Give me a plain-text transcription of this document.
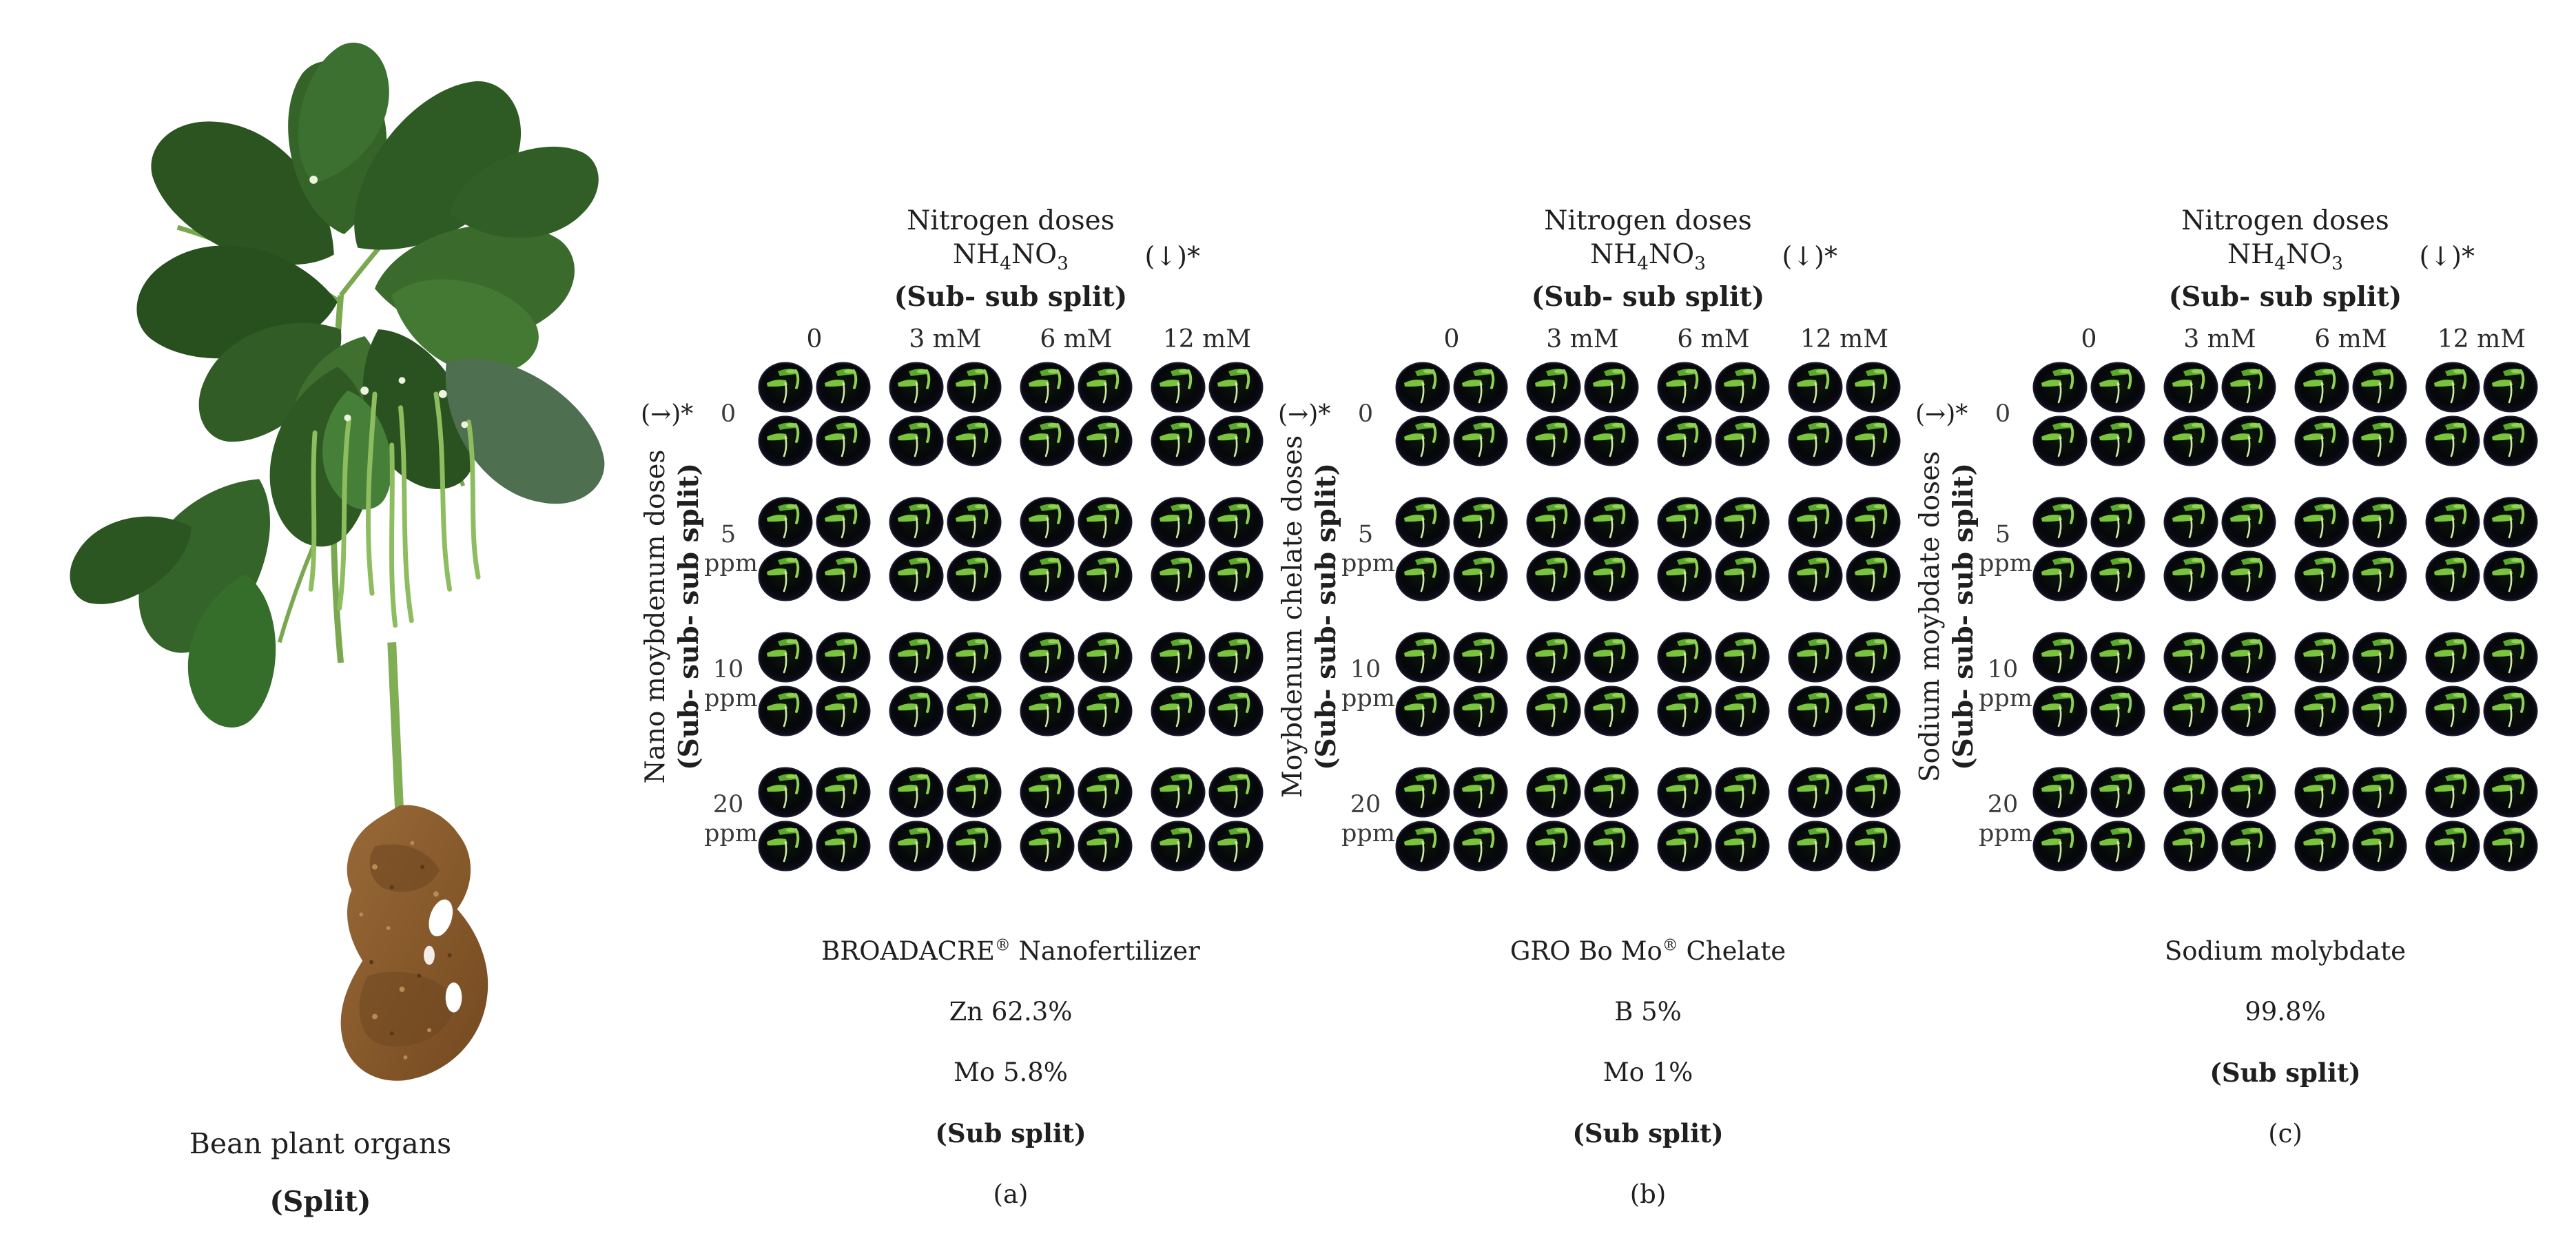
Bean plant organs
(Split)
Nitrogen doses
$NH_4NO_3$
(Sub- sub split)
(↓)*
0	3 mM	6 mM	12 mM
(→)*
Nano moybdenum doses (Sub- sub- sub split)
0
5
ppm
10
ppm
20
ppm
BROADACRE® Nanofertilizer
Zn 62.3%
Mo 5.8%
(Sub split)
(a)
Nitrogen doses
$NH_4NO_3$
(Sub- sub split)
(↓)*
0	3 mM	6 mM	12 mM
(→)*
Moybdenum chelate doses (Sub- sub- sub split)
0
5
ppm
10
ppm
20
ppm
GRO Bo Mo® Chelate
B 5%
Mo 1%
(Sub split)
(b)
Nitrogen doses
$NH_4NO_3$
(Sub- sub split)
(↓)*
0	3 mM	6 mM	12 mM
(→)*
Sodium moybdate doses (Sub- sub- sub split)
0
5
ppm
10
ppm
20
ppm
Sodium molybdate
99.8%
(Sub split)
(c)
